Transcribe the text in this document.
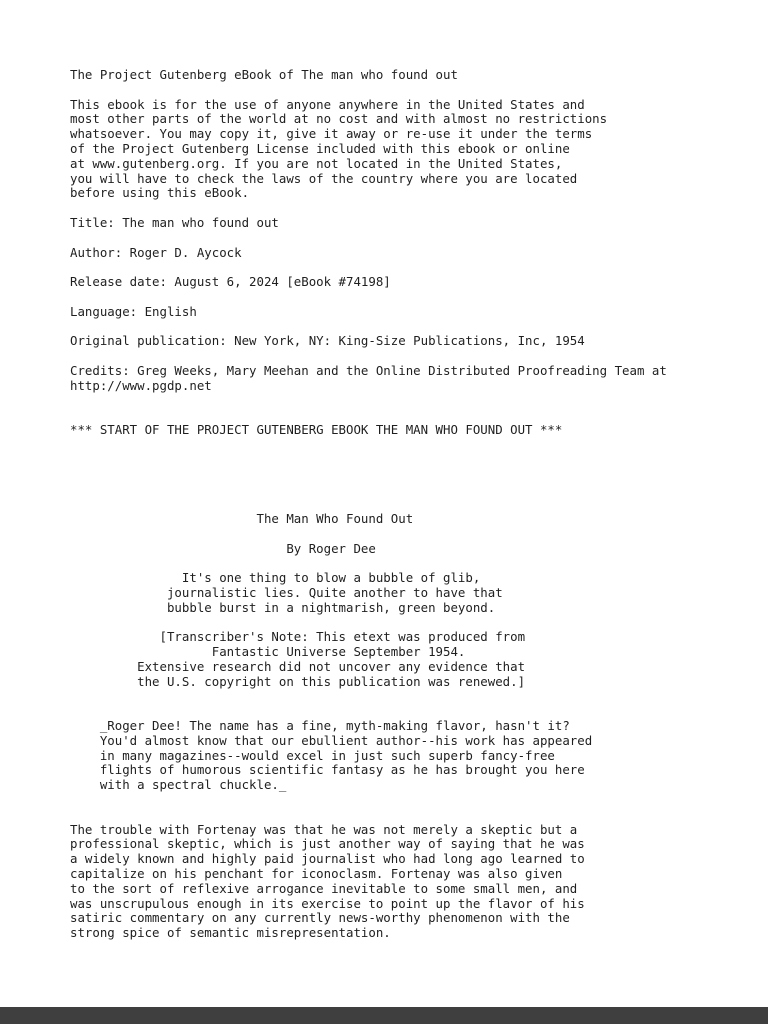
The Project Gutenberg eBook of The man who found out
This ebook is for the use of anyone anywhere in the United States and
most other parts of the world at no cost and with almost no restrictions
whatsoever. You may copy it, give it away or re-use it under the terms
of the Project Gutenberg License included with this ebook or online
at www.gutenberg.org. If you are not located in the United States,
you will have to check the laws of the country where you are located
before using this eBook.
Title: The man who found out
Author: Roger D. Aycock
Release date: August 6, 2024 [eBook #74198]
Language: English
Original publication: New York, NY: King-Size Publications, Inc, 1954
Credits: Greg Weeks, Mary Meehan and the Online Distributed Proofreading Team at
http://www.pgdp.net
*** START OF THE PROJECT GUTENBERG EBOOK THE MAN WHO FOUND OUT ***
The Man Who Found Out
By Roger Dee
It's one thing to blow a bubble of glib,
journalistic lies. Quite another to have that
bubble burst in a nightmarish, green beyond.
[Transcriber's Note: This etext was produced from
Fantastic Universe September 1954.
Extensive research did not uncover any evidence that
the U.S. copyright on this publication was renewed.]
_Roger Dee! The name has a fine, myth-making flavor, hasn't it?
You'd almost know that our ebullient author--his work has appeared
in many magazines--would excel in just such superb fancy-free
flights of humorous scientific fantasy as he has brought you here
with a spectral chuckle._
The trouble with Fortenay was that he was not merely a skeptic but a
professional skeptic, which is just another way of saying that he was
a widely known and highly paid journalist who had long ago learned to
capitalize on his penchant for iconoclasm. Fortenay was also given
to the sort of reflexive arrogance inevitable to some small men, and
was unscrupulous enough in its exercise to point up the flavor of his
satiric commentary on any currently news-worthy phenomenon with the
strong spice of semantic misrepresentation.
